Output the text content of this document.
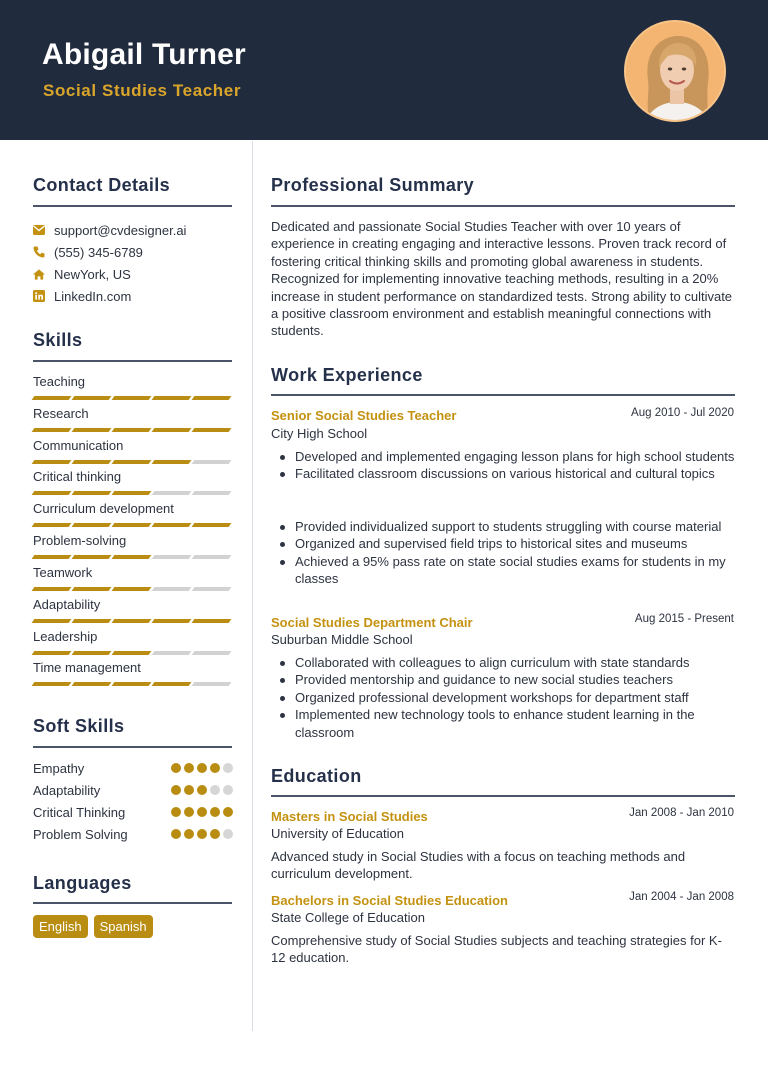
Abigail Turner
Social Studies Teacher
Contact Details
support@cvdesigner.ai
(555) 345-6789
NewYork, US
LinkedIn.com
Skills
Teaching
Research
Communication
Critical thinking
Curriculum development
Problem-solving
Teamwork
Adaptability
Leadership
Time management
Soft Skills
Empathy
Adaptability
Critical Thinking
Problem Solving
Languages
English	Spanish
Professional Summary
Dedicated and passionate Social Studies Teacher with over 10 years of experience in creating engaging and interactive lessons. Proven track record of fostering critical thinking skills and promoting global awareness in students. Recognized for implementing innovative teaching methods, resulting in a 20% increase in student performance on standardized tests. Strong ability to cultivate a positive classroom environment and establish meaningful connections with students.
Work Experience
Senior Social Studies Teacher	Aug 2010 - Jul 2020
City High School
Developed and implemented engaging lesson plans for high school students
Facilitated classroom discussions on various historical and cultural topics
Provided individualized support to students struggling with course material
Organized and supervised field trips to historical sites and museums
Achieved a 95% pass rate on state social studies exams for students in my classes
Social Studies Department Chair	Aug 2015 - Present
Suburban Middle School
Collaborated with colleagues to align curriculum with state standards
Provided mentorship and guidance to new social studies teachers
Organized professional development workshops for department staff
Implemented new technology tools to enhance student learning in the classroom
Education
Masters in Social Studies	Jan 2008 - Jan 2010
University of Education
Advanced study in Social Studies with a focus on teaching methods and curriculum development.
Bachelors in Social Studies Education	Jan 2004 - Jan 2008
State College of Education
Comprehensive study of Social Studies subjects and teaching strategies for K-12 education.
